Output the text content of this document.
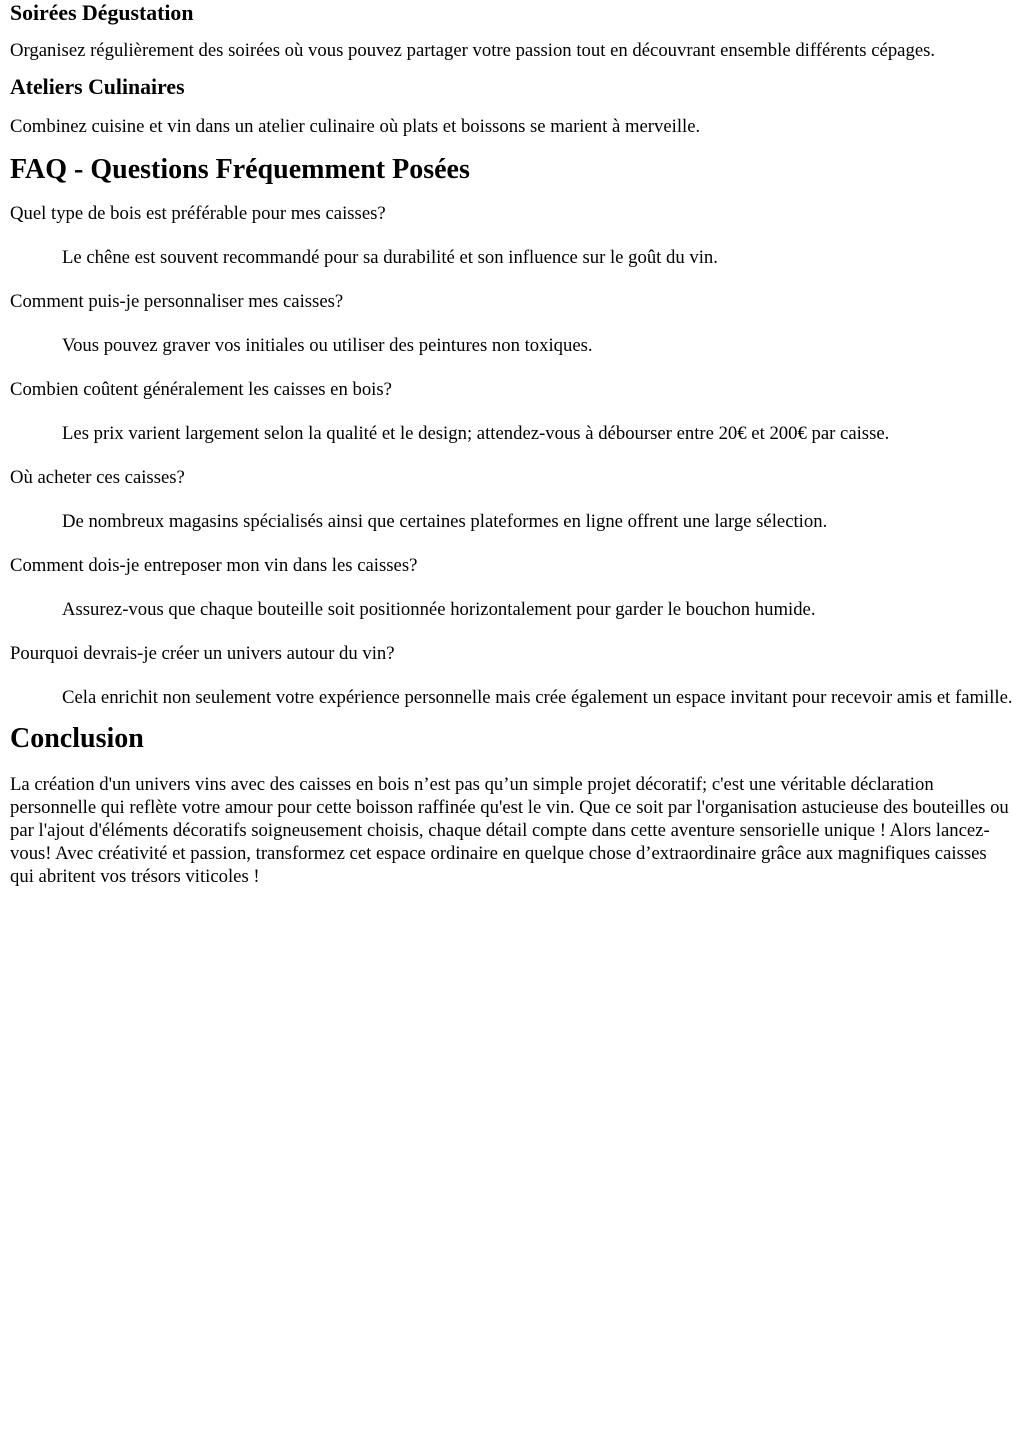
Soirées Dégustation

Organisez régulièrement des soirées où vous pouvez partager votre passion tout en découvrant ensemble différents cépages.

Ateliers Culinaires

Combinez cuisine et vin dans un atelier culinaire où plats et boissons se marient à merveille.

FAQ - Questions Fréquemment Posées
Quel type de bois est préférable pour mes caisses?
Le chêne est souvent recommandé pour sa durabilité et son influence sur le goût du vin.
Comment puis-je personnaliser mes caisses?
Vous pouvez graver vos initiales ou utiliser des peintures non toxiques.
Combien coûtent généralement les caisses en bois?
Les prix varient largement selon la qualité et le design; attendez-vous à débourser entre 20€ et 200€ par caisse.
Où acheter ces caisses?
De nombreux magasins spécialisés ainsi que certaines plateformes en ligne offrent une large sélection.
Comment dois-je entreposer mon vin dans les caisses?
Assurez-vous que chaque bouteille soit positionnée horizontalement pour garder le bouchon humide.
Pourquoi devrais-je créer un univers autour du vin?
Cela enrichit non seulement votre expérience personnelle mais crée également un espace invitant pour recevoir amis et famille.
Conclusion

La création d'un univers vins avec des caisses en bois n’est pas qu’un simple projet décoratif; c'est une véritable déclaration personnelle qui reflète votre amour pour cette boisson raffinée qu'est le vin. Que ce soit par l'organisation astucieuse des bouteilles ou par l'ajout d'éléments décoratifs soigneusement choisis, chaque détail compte dans cette aventure sensorielle unique ! Alors lancez-vous! Avec créativité et passion, transformez cet espace ordinaire en quelque chose d’extraordinaire grâce aux magnifiques caisses qui abritent vos trésors viticoles !
